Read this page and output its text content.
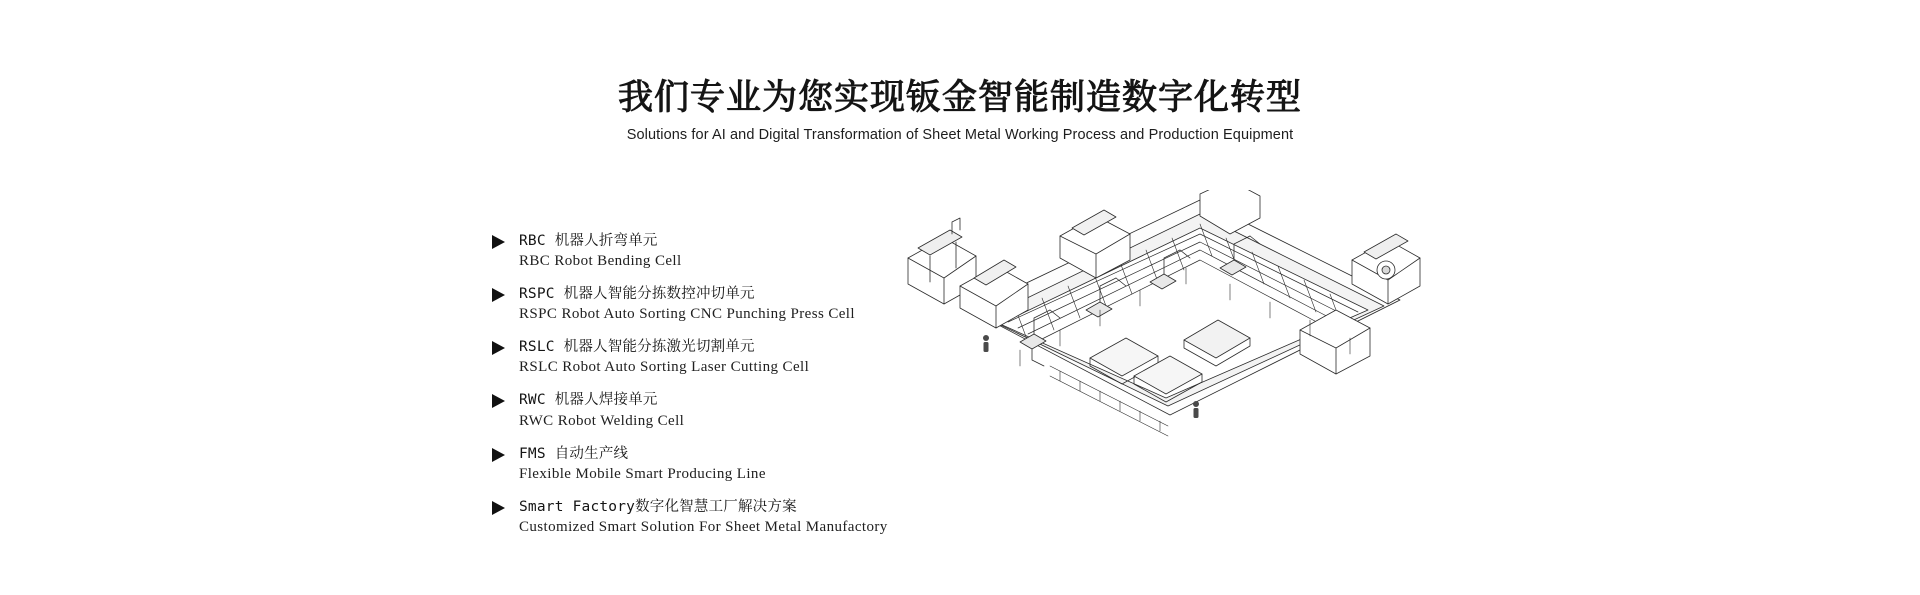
我们专业为您实现钣金智能制造数字化转型
Solutions for AI and Digital Transformation of Sheet Metal Working Process and Production Equipment
RBC 机器人折弯单元
RBC Robot Bending Cell
RSPC 机器人智能分拣数控冲切单元
RSPC Robot Auto Sorting CNC Punching Press Cell
RSLC 机器人智能分拣激光切割单元
RSLC Robot Auto Sorting Laser Cutting Cell
RWC 机器人焊接单元
RWC Robot Welding Cell
FMS 自动生产线
Flexible Mobile Smart Producing Line
Smart Factory数字化智慧工厂解决方案
Customized Smart Solution For Sheet Metal Manufactory
